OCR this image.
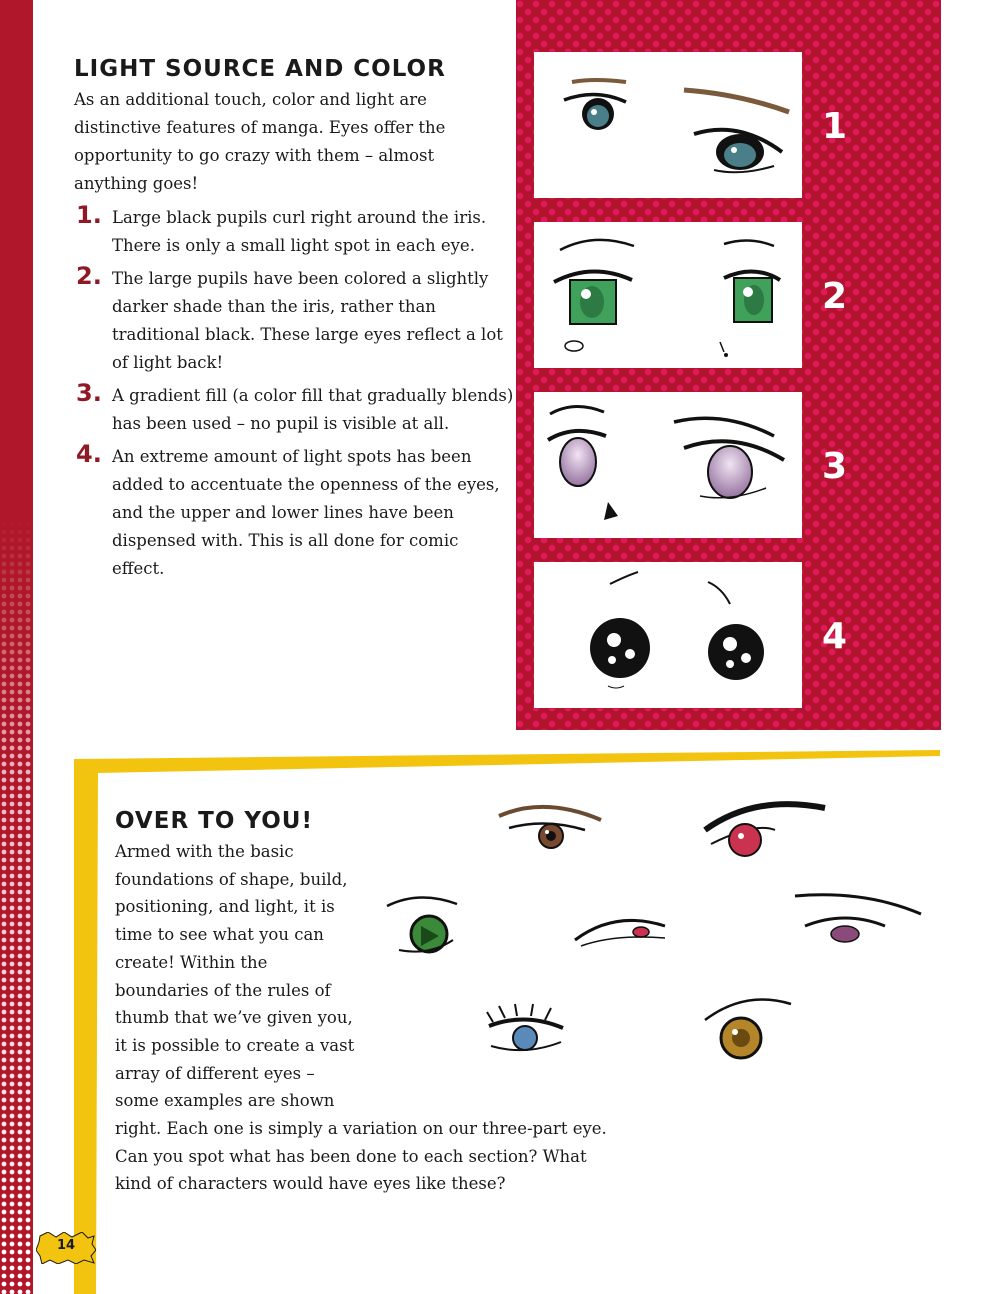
LIGHT SOURCE AND COLOR
As an additional touch, color and light are distinctive features of manga. Eyes offer the opportunity to go crazy with them – almost anything goes!
1. Large black pupils curl right around the iris. There is only a small light spot in each eye.
2. The large pupils have been colored a slightly darker shade than the iris, rather than traditional black. These large eyes reflect a lot of light back!
3. A gradient fill (a color fill that gradually blends) has been used – no pupil is visible at all.
4. An extreme amount of light spots has been added to accentuate the openness of the eyes, and the upper and lower lines have been dispensed with. This is all done for comic effect.
1
2
3
4
OVER TO YOU!
Armed with the basic foundations of shape, build, positioning, and light, it is time to see what you can create! Within the boundaries of the rules of thumb that we’ve given you, it is possible to create a vast array of different eyes – some examples are shown
right. Each one is simply a variation on our three-part eye. Can you spot what has been done to each section? What kind of characters would have eyes like these?
14
